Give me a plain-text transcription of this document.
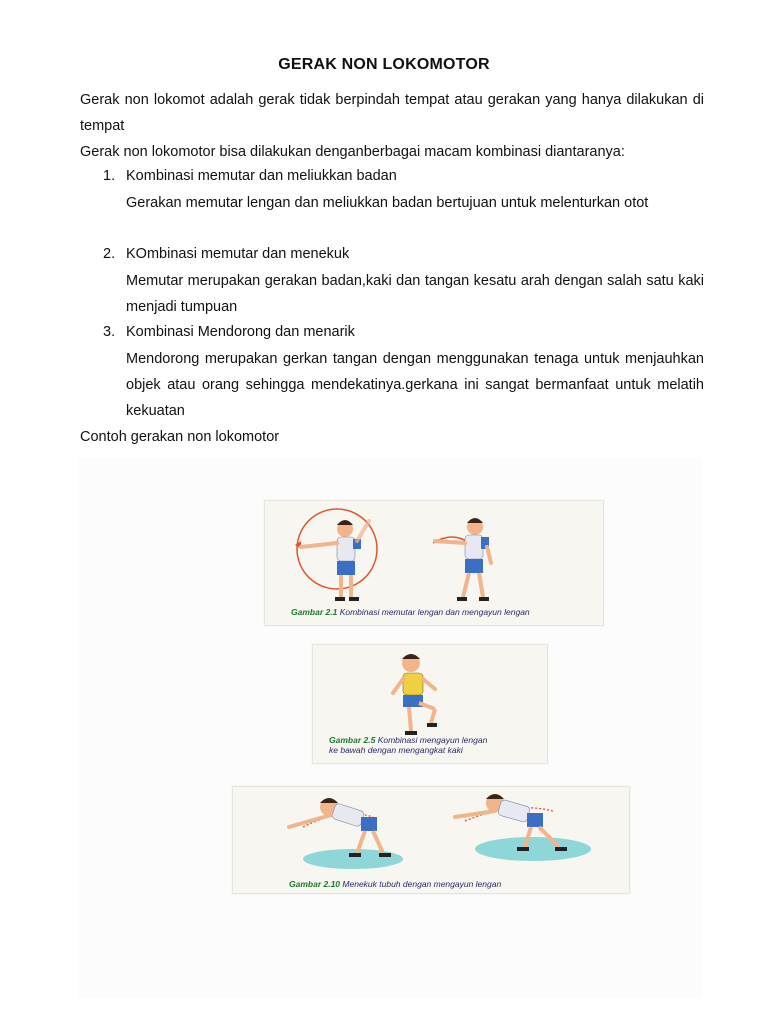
GERAK NON LOKOMOTOR
Gerak non lokomot adalah gerak tidak berpindah tempat atau gerakan yang hanya dilakukan di tempat
Gerak non lokomotor bisa dilakukan denganberbagai macam kombinasi diantaranya:
1. Kombinasi memutar dan meliukkan badan
Gerakan memutar lengan dan meliukkan badan bertujuan untuk melenturkan otot
2. KOmbinasi memutar dan menekuk
Memutar merupakan gerakan badan,kaki dan tangan kesatu arah dengan salah satu kaki menjadi tumpuan
3. Kombinasi Mendorong dan menarik
Mendorong merupakan gerkan tangan dengan menggunakan tenaga untuk menjauhkan objek atau orang sehingga mendekatinya.gerkana ini sangat bermanfaat untuk melatih kekuatan
Contoh gerakan non lokomotor
Gambar 2.1 Kombinasi memutar lengan dan mengayun lengan
Gambar 2.5 Kombinasi mengayun lengan
ke bawah dengan mengangkat kaki
Gambar 2.10 Menekuk tubuh dengan mengayun lengan
